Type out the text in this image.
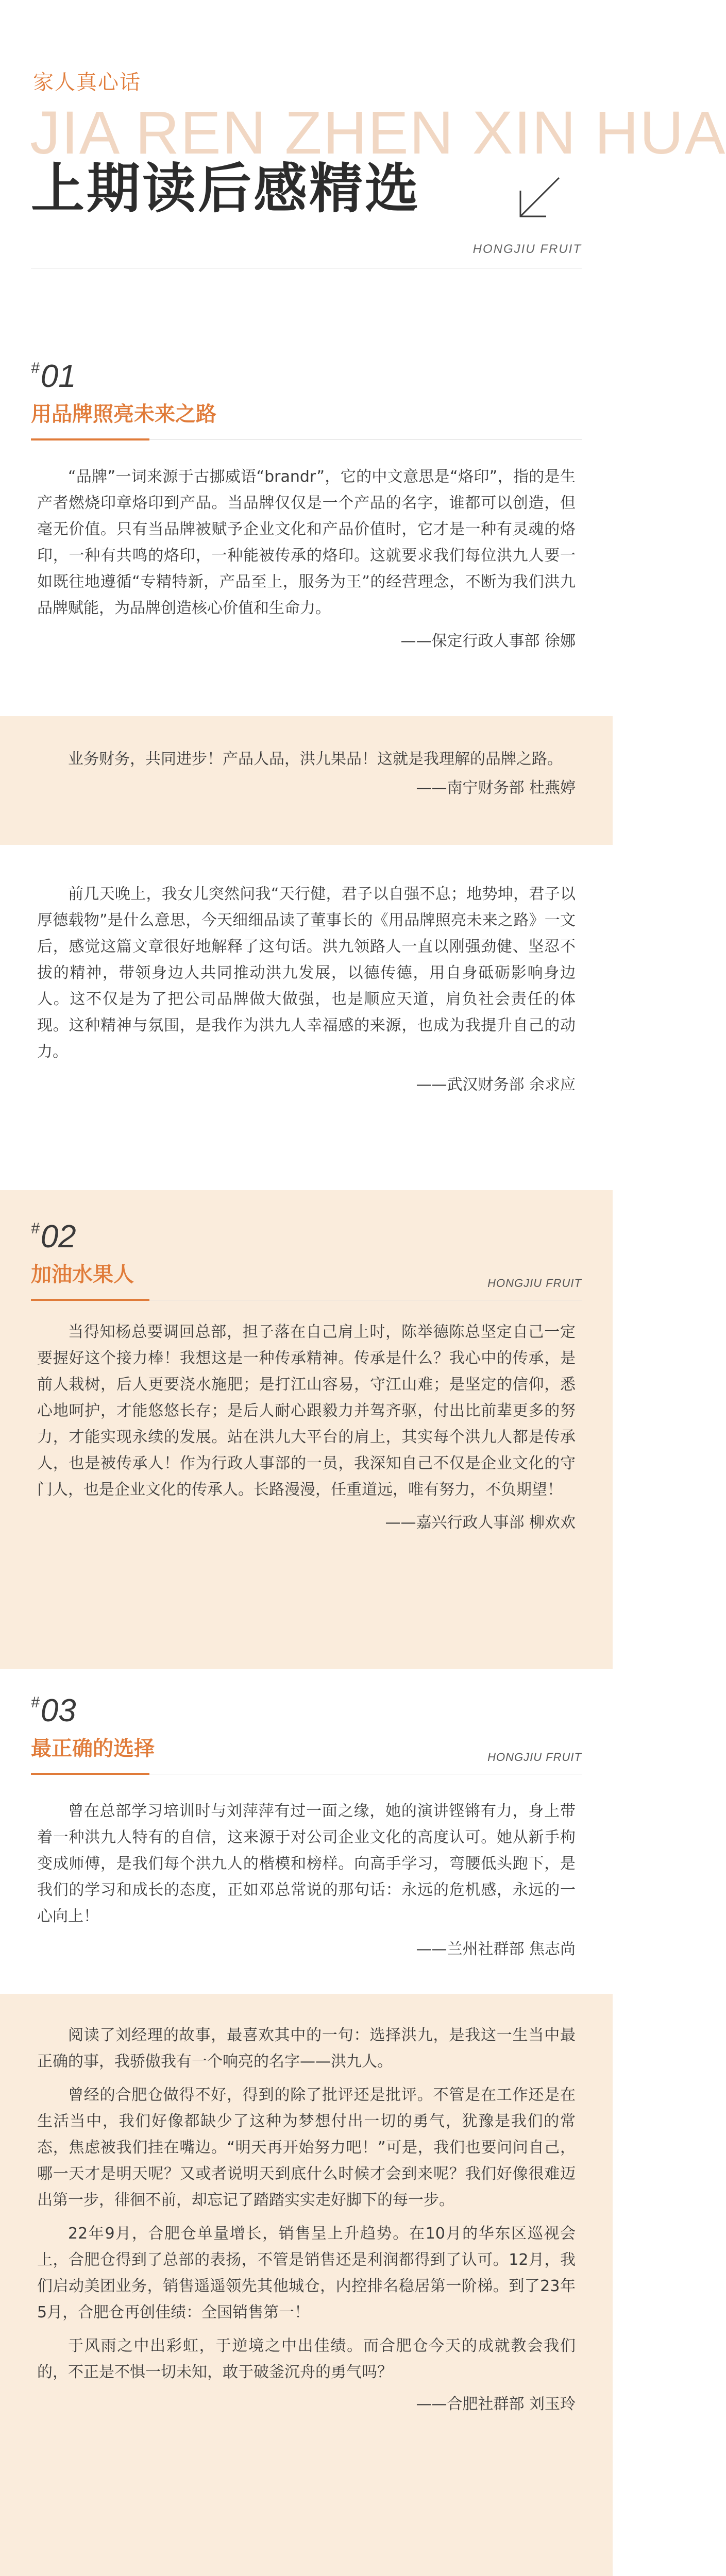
家人真心话
JIA REN ZHEN XIN HUA
上期读后感精选
HONGJIU FRUIT
#01
用品牌照亮未来之路

“品牌”一词来源于古挪威语“brandr”，它的中文意思是“烙印”，指的是生产者燃烧印章烙印到产品。当品牌仅仅是一个产品的名字，谁都可以创造，但毫无价值。只有当品牌被赋予企业文化和产品价值时，它才是一种有灵魂的烙印，一种有共鸣的烙印，一种能被传承的烙印。这就要求我们每位洪九人要一如既往地遵循“专精特新，产品至上，服务为王”的经营理念，不断为我们洪九品牌赋能，为品牌创造核心价值和生命力。

——保定行政人事部 徐娜

业务财务，共同进步！产品人品，洪九果品！这就是我理解的品牌之路。

——南宁财务部 杜燕婷

前几天晚上，我女儿突然问我“天行健，君子以自强不息；地势坤，君子以厚德载物”是什么意思，今天细细品读了董事长的《用品牌照亮未来之路》一文后，感觉这篇文章很好地解释了这句话。洪九领路人一直以刚强劲健、坚忍不拔的精神，带领身边人共同推动洪九发展，以德传德，用自身砥砺影响身边人。这不仅是为了把公司品牌做大做强，也是顺应天道，肩负社会责任的体现。这种精神与氛围，是我作为洪九人幸福感的来源，也成为我提升自己的动力。

——武汉财务部 余求应

#02
加油水果人	HONGJIU FRUIT

当得知杨总要调回总部，担子落在自己肩上时，陈举德陈总坚定自己一定要握好这个接力棒！我想这是一种传承精神。传承是什么？我心中的传承，是前人栽树，后人更要浇水施肥；是打江山容易，守江山难；是坚定的信仰，悉心地呵护，才能悠悠长存；是后人耐心跟毅力并驾齐驱，付出比前辈更多的努力，才能实现永续的发展。站在洪九大平台的肩上，其实每个洪九人都是传承人，也是被传承人！作为行政人事部的一员，我深知自己不仅是企业文化的守门人，也是企业文化的传承人。长路漫漫，任重道远，唯有努力，不负期望！

——嘉兴行政人事部 柳欢欢

#03
最正确的选择	HONGJIU FRUIT

曾在总部学习培训时与刘萍萍有过一面之缘，她的演讲铿锵有力，身上带着一种洪九人特有的自信，这来源于对公司企业文化的高度认可。她从新手枸变成师傅，是我们每个洪九人的楷模和榜样。向高手学习，弯腰低头跑下，是我们的学习和成长的态度，正如邓总常说的那句话：永远的危机感，永远的一心向上！

——兰州社群部 焦志尚

阅读了刘经理的故事，最喜欢其中的一句：选择洪九，是我这一生当中最正确的事，我骄傲我有一个响亮的名字——洪九人。

曾经的合肥仓做得不好，得到的除了批评还是批评。不管是在工作还是在生活当中，我们好像都缺少了这种为梦想付出一切的勇气，犹豫是我们的常态，焦虑被我们挂在嘴边。“明天再开始努力吧！”可是，我们也要问问自己，哪一天才是明天呢？又或者说明天到底什么时候才会到来呢？我们好像很难迈出第一步，徘徊不前，却忘记了踏踏实实走好脚下的每一步。

22年9月，合肥仓单量增长，销售呈上升趋势。在10月的华东区巡视会上，合肥仓得到了总部的表扬，不管是销售还是利润都得到了认可。12月，我们启动美团业务，销售遥遥领先其他城仓，内控排名稳居第一阶梯。到了23年5月，合肥仓再创佳绩：全国销售第一！

于风雨之中出彩虹，于逆境之中出佳绩。而合肥仓今天的成就教会我们的，不正是不惧一切未知，敢于破釜沉舟的勇气吗？

——合肥社群部 刘玉玲
